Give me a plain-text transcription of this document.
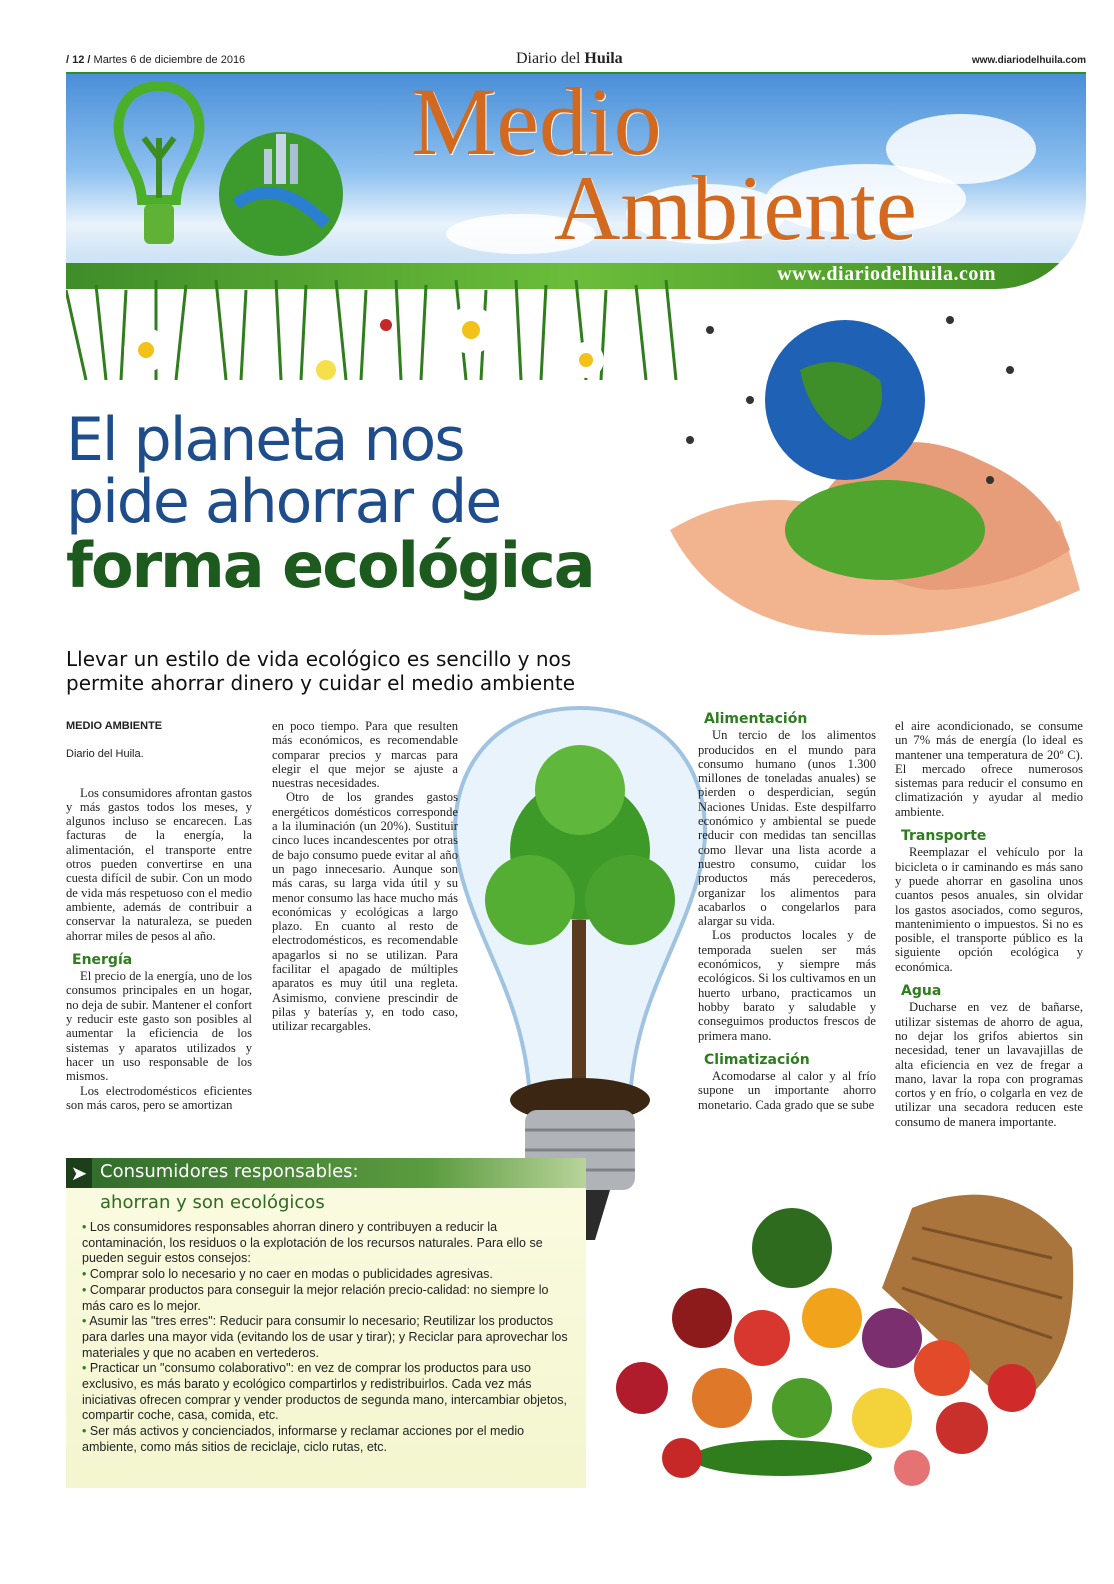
/ 12 / Martes 6 de diciembre de 2016	Diario del Huila	www.diariodelhuila.com
Medio
Ambiente
www.diariodelhuila.com
El planeta nos
pide ahorrar de
forma ecológica
Llevar un estilo de vida ecológico es sencillo y nos permite ahorrar dinero y cuidar el medio ambiente
MEDIO AMBIENTE
Diario del Huila.

Los consumidores afrontan gastos y más gastos todos los meses, y algunos incluso se encarecen. Las facturas de la energía, la alimentación, el transporte entre otros pueden convertirse en una cuesta difícil de subir. Con un modo de vida más respetuoso con el medio ambiente, además de contribuir a conservar la naturaleza, se pueden ahorrar miles de pesos al año.

Energía

El precio de la energía, uno de los consumos principales en un hogar, no deja de subir. Mantener el confort y reducir este gasto son posibles al aumentar la eficiencia de los sistemas y aparatos utilizados y hacer un uso responsable de los mismos.

Los electrodomésticos eficientes son más caros, pero se amortizan

en poco tiempo. Para que resulten más económicos, es recomendable comparar precios y marcas para elegir el que mejor se ajuste a nuestras necesidades.

Otro de los grandes gastos energéticos domésticos corresponde a la iluminación (un 20%). Sustituir cinco luces incandescentes por otras de bajo consumo puede evitar al año un pago innecesario. Aunque son más caras, su larga vida útil y su menor consumo las hace mucho más económicas y ecológicas a largo plazo. En cuanto al resto de electrodomésticos, es recomendable apagarlos si no se utilizan. Para facilitar el apagado de múltiples aparatos es muy útil una regleta. Asimismo, conviene prescindir de pilas y baterías y, en todo caso, utilizar recargables.

Alimentación

Un tercio de los alimentos producidos en el mundo para consumo humano (unos 1.300 millones de toneladas anuales) se pierden o desperdician, según Naciones Unidas. Este despilfarro económico y ambiental se puede reducir con medidas tan sencillas como llevar una lista acorde a nuestro consumo, cuidar los productos más perecederos, organizar los alimentos para acabarlos o congelarlos para alargar su vida.

Los productos locales y de temporada suelen ser más económicos, y siempre más ecológicos. Si los cultivamos en un huerto urbano, practicamos un hobby barato y saludable y conseguimos productos frescos de primera mano.

Climatización

Acomodarse al calor y al frío supone un importante ahorro monetario. Cada grado que se sube

el aire acondicionado, se consume un 7% más de energía (lo ideal es mantener una temperatura de 20º C). El mercado ofrece numerosos sistemas para reducir el consumo en climatización y ayudar al medio ambiente.

Transporte

Reemplazar el vehículo por la bicicleta o ir caminando es más sano y puede ahorrar en gasolina unos cuantos pesos anuales, sin olvidar los gastos asociados, como seguros, mantenimiento o impuestos. Si no es posible, el transporte público es la siguiente opción ecológica y económica.

Agua

Ducharse en vez de bañarse, utilizar sistemas de ahorro de agua, no dejar los grifos abiertos sin necesidad, tener un lavavajillas de alta eficiencia en vez de fregar a mano, lavar la ropa con programas cortos y en frío, o colgarla en vez de utilizar una secadora reducen este consumo de manera importante.

➤ Consumidores responsables:
ahorran y son ecológicos
• Los consumidores responsables ahorran dinero y contribuyen a reducir la contaminación, los residuos o la explotación de los recursos naturales. Para ello se pueden seguir estos consejos:
• Comprar solo lo necesario y no caer en modas o publicidades agresivas.
• Comparar productos para conseguir la mejor relación precio-calidad: no siempre lo más caro es lo mejor.
• Asumir las "tres erres": Reducir para consumir lo necesario; Reutilizar los productos para darles una mayor vida (evitando los de usar y tirar); y Reciclar para aprovechar los materiales y que no acaben en vertederos.
• Practicar un "consumo colaborativo": en vez de comprar los productos para uso exclusivo, es más barato y ecológico compartirlos y redistribuirlos. Cada vez más iniciativas ofrecen comprar y vender productos de segunda mano, intercambiar objetos, compartir coche, casa, comida, etc.
• Ser más activos y concienciados, informarse y reclamar acciones por el medio ambiente, como más sitios de reciclaje, ciclo rutas, etc.
